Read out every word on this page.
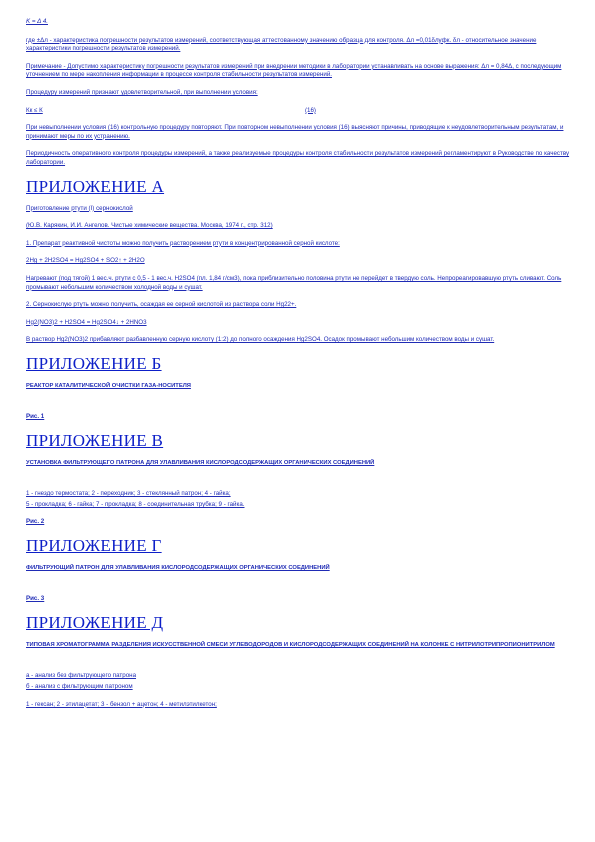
K = Δ 4.

где ±Δл - характеристика погрешности результатов измерений, соответствующая аттестованному значению образца для контроля. Δл =0,01δлyфк. δл - относительное значение характеристики погрешности результатов измерений.

Примечание - Допустимо характеристику погрешности результатов измерений при внедрении методики в лаборатории устанавливать на основе выражения: Δл = 0,84Δ, с последующим уточнением по мере накопления информации в процессе контроля стабильности результатов измерений.

Процедуру измерений признают удовлетворительной, при выполнении условия:

Кк ≤ К	(16)

При невыполнении условия (16) контрольную процедуру повторяют. При повторном невыполнении условия (16) выясняют причины, приводящие к неудовлетворительным результатам, и принимают меры по их устранению.

Периодичность оперативного контроля процедуры измерений, а также реализуемые процедуры контроля стабильности результатов измерений регламентируют в Руководстве по качеству лаборатории.

ПРИЛОЖЕНИЕ А

Приготовление ртути (I) сернокислой

(Ю.В. Карякин, И.И. Ангелов. Чистые химические вещества. Москва, 1974 г., стр. 312)

1. Препарат реактивной чистоты можно получить растворением ртути в концентрированной серной кислоте:

2Hg + 2H2SO4 = Hg2SO4 + SO2↑ + 2H2O

Нагревают (под тягой) 1 вес.ч. ртути с 0,5 - 1 вес.ч. H2SO4 (пл. 1,84 г/см3), пока приблизительно половина ртути не перейдет в твердую соль. Непрореагировавшую ртуть сливают. Соль промывают небольшим количеством холодной воды и сушат.

2. Сернокислую ртуть можно получить, осаждая ее серной кислотой из раствора соли Hg22+.

Hg2(NO3)2 + H2SO4 = Hg2SO4↓ + 2HNO3

В раствор Hg2(NO3)2 прибавляют разбавленную серную кислоту (1:2) до полного осаждения Hg2SO4. Осадок промывают небольшим количеством воды и сушат.

ПРИЛОЖЕНИЕ Б

РЕАКТОР КАТАЛИТИЧЕСКОЙ ОЧИСТКИ ГАЗА-НОСИТЕЛЯ

Рис. 1

ПРИЛОЖЕНИЕ В

УСТАНОВКА ФИЛЬТРУЮЩЕГО ПАТРОНА ДЛЯ УЛАВЛИВАНИЯ КИСЛОРОДСОДЕРЖАЩИХ ОРГАНИЧЕСКИХ СОЕДИНЕНИЙ

1 - гнездо термостата; 2 - переходник; 3 - стеклянный патрон; 4 - гайка;

5 - прокладка; 6 - гайка; 7 - прокладка; 8 - соединительная трубка; 9 - гайка.

Рис. 2

ПРИЛОЖЕНИЕ Г

ФИЛЬТРУЮЩИЙ ПАТРОН ДЛЯ УЛАВЛИВАНИЯ КИСЛОРОДСОДЕРЖАЩИХ ОРГАНИЧЕСКИХ СОЕДИНЕНИЙ

Рис. 3

ПРИЛОЖЕНИЕ Д

ТИПОВАЯ ХРОМАТОГРАММА РАЗДЕЛЕНИЯ ИСКУССТВЕННОЙ СМЕСИ УГЛЕВОДОРОДОВ И КИСЛОРОДСОДЕРЖАЩИХ СОЕДИНЕНИЙ НА КОЛОНКЕ С НИТРИЛОТРИПРОПИОНИТРИЛОМ

а - анализ без фильтрующего патрона

б - анализ с фильтрующим патроном

1 - гексан; 2 - этилацетат; 3 - бензол + ацетон; 4 - метилэтилкетон;
